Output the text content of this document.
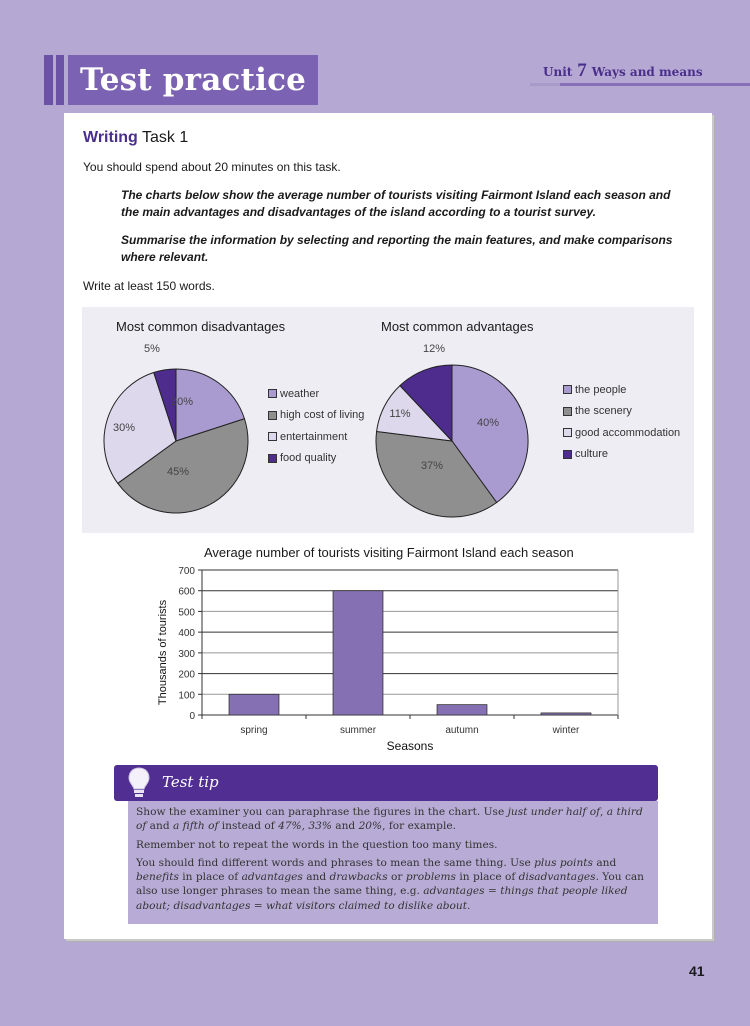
Test practice	Unit 7 Ways and means
Writing Task 1
You should spend about 20 minutes on this task.

The charts below show the average number of tourists visiting Fairmont Island each season and the main advantages and disadvantages of the island according to a tourist survey.

Summarise the information by selecting and reporting the main features, and make comparisons where relevant.

Write at least 150 words.
Most common disadvantages	Most common advantages
20%
45%
30%
5%
40%
37%
11%
12%
weather
high cost of living
entertainment
food quality
the people
the scenery
good accommodation
culture
Average number of tourists visiting Fairmont Island each season
0
100
200
300
400
500
600
700
spring	summer	autumn	winter
Seasons
Thousands of tourists
Test tip

Show the examiner you can paraphrase the figures in the chart. Use just under half of, a third of and a fifth of instead of 47%, 33% and 20%, for example.

Remember not to repeat the words in the question too many times.

You should find different words and phrases to mean the same thing. Use plus points and benefits in place of advantages and drawbacks or problems in place of disadvantages. You can also use longer phrases to mean the same thing, e.g. advantages = things that people liked about; disadvantages = what visitors claimed to dislike about.

41
